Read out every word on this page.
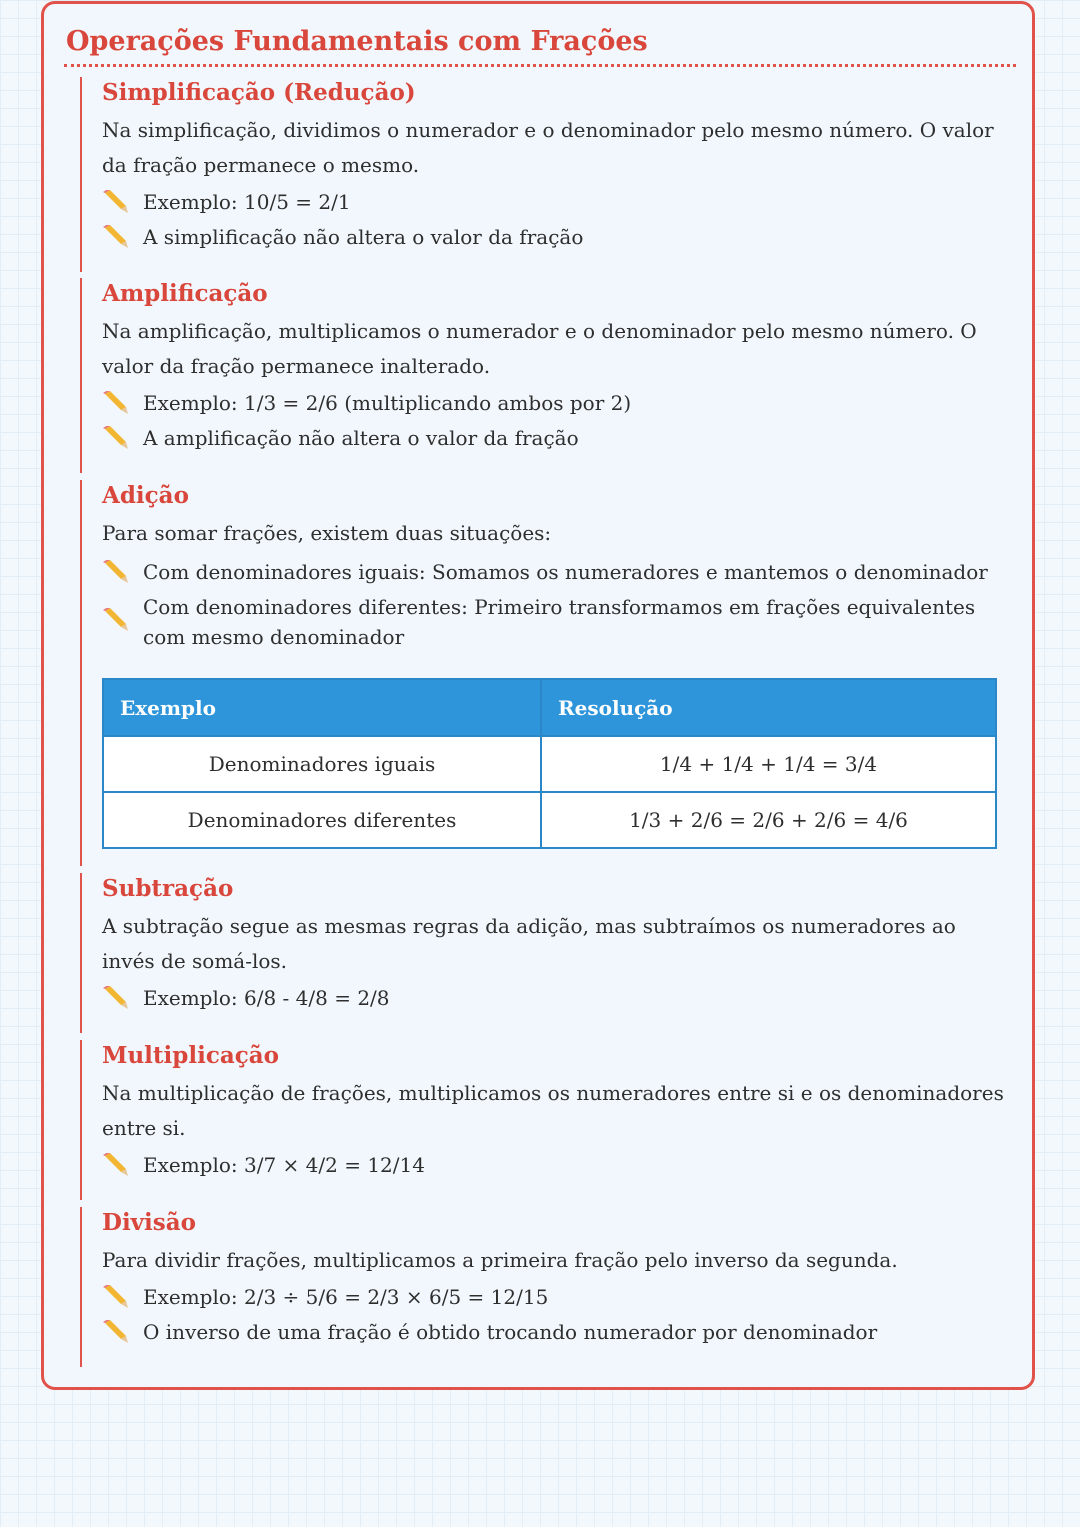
Operações Fundamentais com Frações
Simplificação (Redução)

Na simplificação, dividimos o numerador e o denominador pelo mesmo número. O valor da fração permanece o mesmo.

Exemplo: 10/5 = 2/1
A simplificação não altera o valor da fração
Amplificação

Na amplificação, multiplicamos o numerador e o denominador pelo mesmo número. O valor da fração permanece inalterado.

Exemplo: 1/3 = 2/6 (multiplicando ambos por 2)
A amplificação não altera o valor da fração
Adição

Para somar frações, existem duas situações:

Com denominadores iguais: Somamos os numeradores e mantemos o denominador
Com denominadores diferentes: Primeiro transformamos em frações equivalentes com mesmo denominador
Exemplo	Resolução
Denominadores iguais	1/4 + 1/4 + 1/4 = 3/4
Denominadores diferentes	1/3 + 2/6 = 2/6 + 2/6 = 4/6
Subtração

A subtração segue as mesmas regras da adição, mas subtraímos os numeradores ao invés de somá-los.

Exemplo: 6/8 - 4/8 = 2/8
Multiplicação

Na multiplicação de frações, multiplicamos os numeradores entre si e os denominadores entre si.

Exemplo: 3/7 × 4/2 = 12/14
Divisão

Para dividir frações, multiplicamos a primeira fração pelo inverso da segunda.

Exemplo: 2/3 ÷ 5/6 = 2/3 × 6/5 = 12/15
O inverso de uma fração é obtido trocando numerador por denominador
